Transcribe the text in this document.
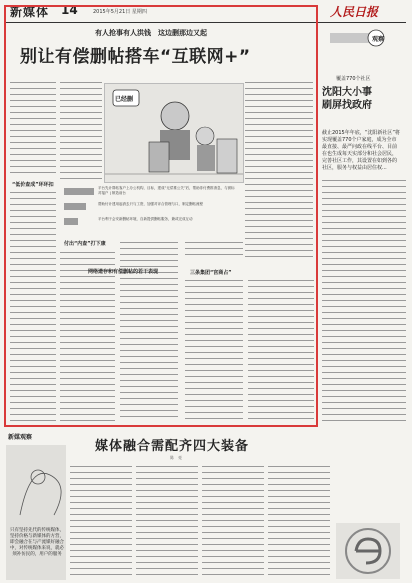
新媒体 14	2015年5月21日 星期四	人民日报
有人抢事有人洪钱　这边删那边又起
别让有偿删帖搭车“互联网+”
“低价查成”环环扣
已经删
平台先计算帖客户上办公机构，目标，建成“无偿推公关”后，帮助非付费推消息，与被标对接户 | 制造前台
帮助付计建用起消去只与工资，加强对评合管理与口，制定删帖流程
平台利于会安新删帖环境，自新提供删帖服务，兼或完成互动
付出“内查”打下康
三条集团“宫商占”
网络遗存和有偿删帖的若干表现
观察
覆盖770个社区
沈阳大小事
刷屏找政府
截止2015年年底，“沈阳新社区”将实现覆盖770个户家庭，成为全市最直接、最严问政在线平台、目前在也生成每天实部分和社会居民，完善社区工作，其设置在如到各的社区，服务与权益由居住权...
新媒观察
媒体融合需配齐四大装备
陈　亮
只有坚持先代的传统媒体，坚持价格与新媒体的方营，即会融合在与产流媒好融合中，对传统媒体来说，就必须补仿民的，用户的服务
